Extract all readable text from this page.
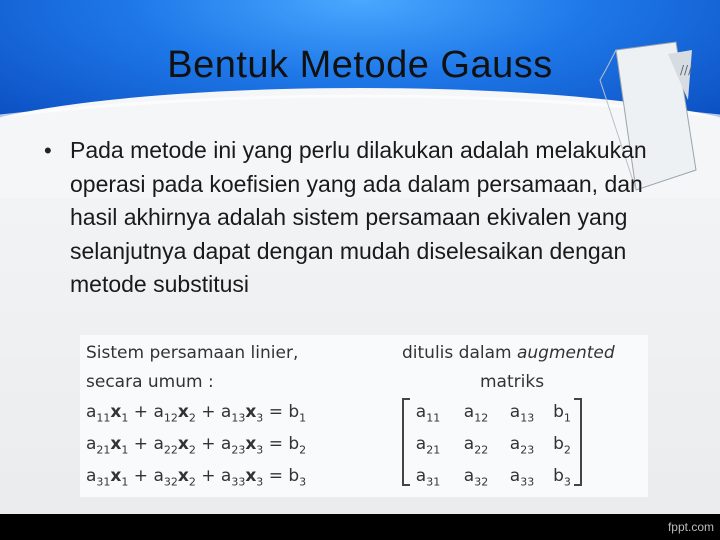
///
Bentuk Metode Gauss
• Pada metode ini yang perlu dilakukan adalah melakukan operasi pada koefisien yang ada dalam persamaan, dan hasil akhirnya adalah sistem persamaan ekivalen yang selanjutnya dapat dengan mudah diselesaikan dengan metode substitusi
Sistem persamaan linier,
secara umum :
ditulis dalam augmented
matriks
$a_{11}x_1 + a_{12}x_2 + a_{13}x_3 = b_1$
$a_{21}x_1 + a_{22}x_2 + a_{23}x_3 = b_2$
$a_{31}x_1 + a_{32}x_2 + a_{33}x_3 = b_3$
$a_{11}$	$a_{12}$	$a_{13}$	$b_1$
$a_{21}$	$a_{22}$	$a_{23}$	$b_2$
$a_{31}$	$a_{32}$	$a_{33}$	$b_3$
fppt.com
